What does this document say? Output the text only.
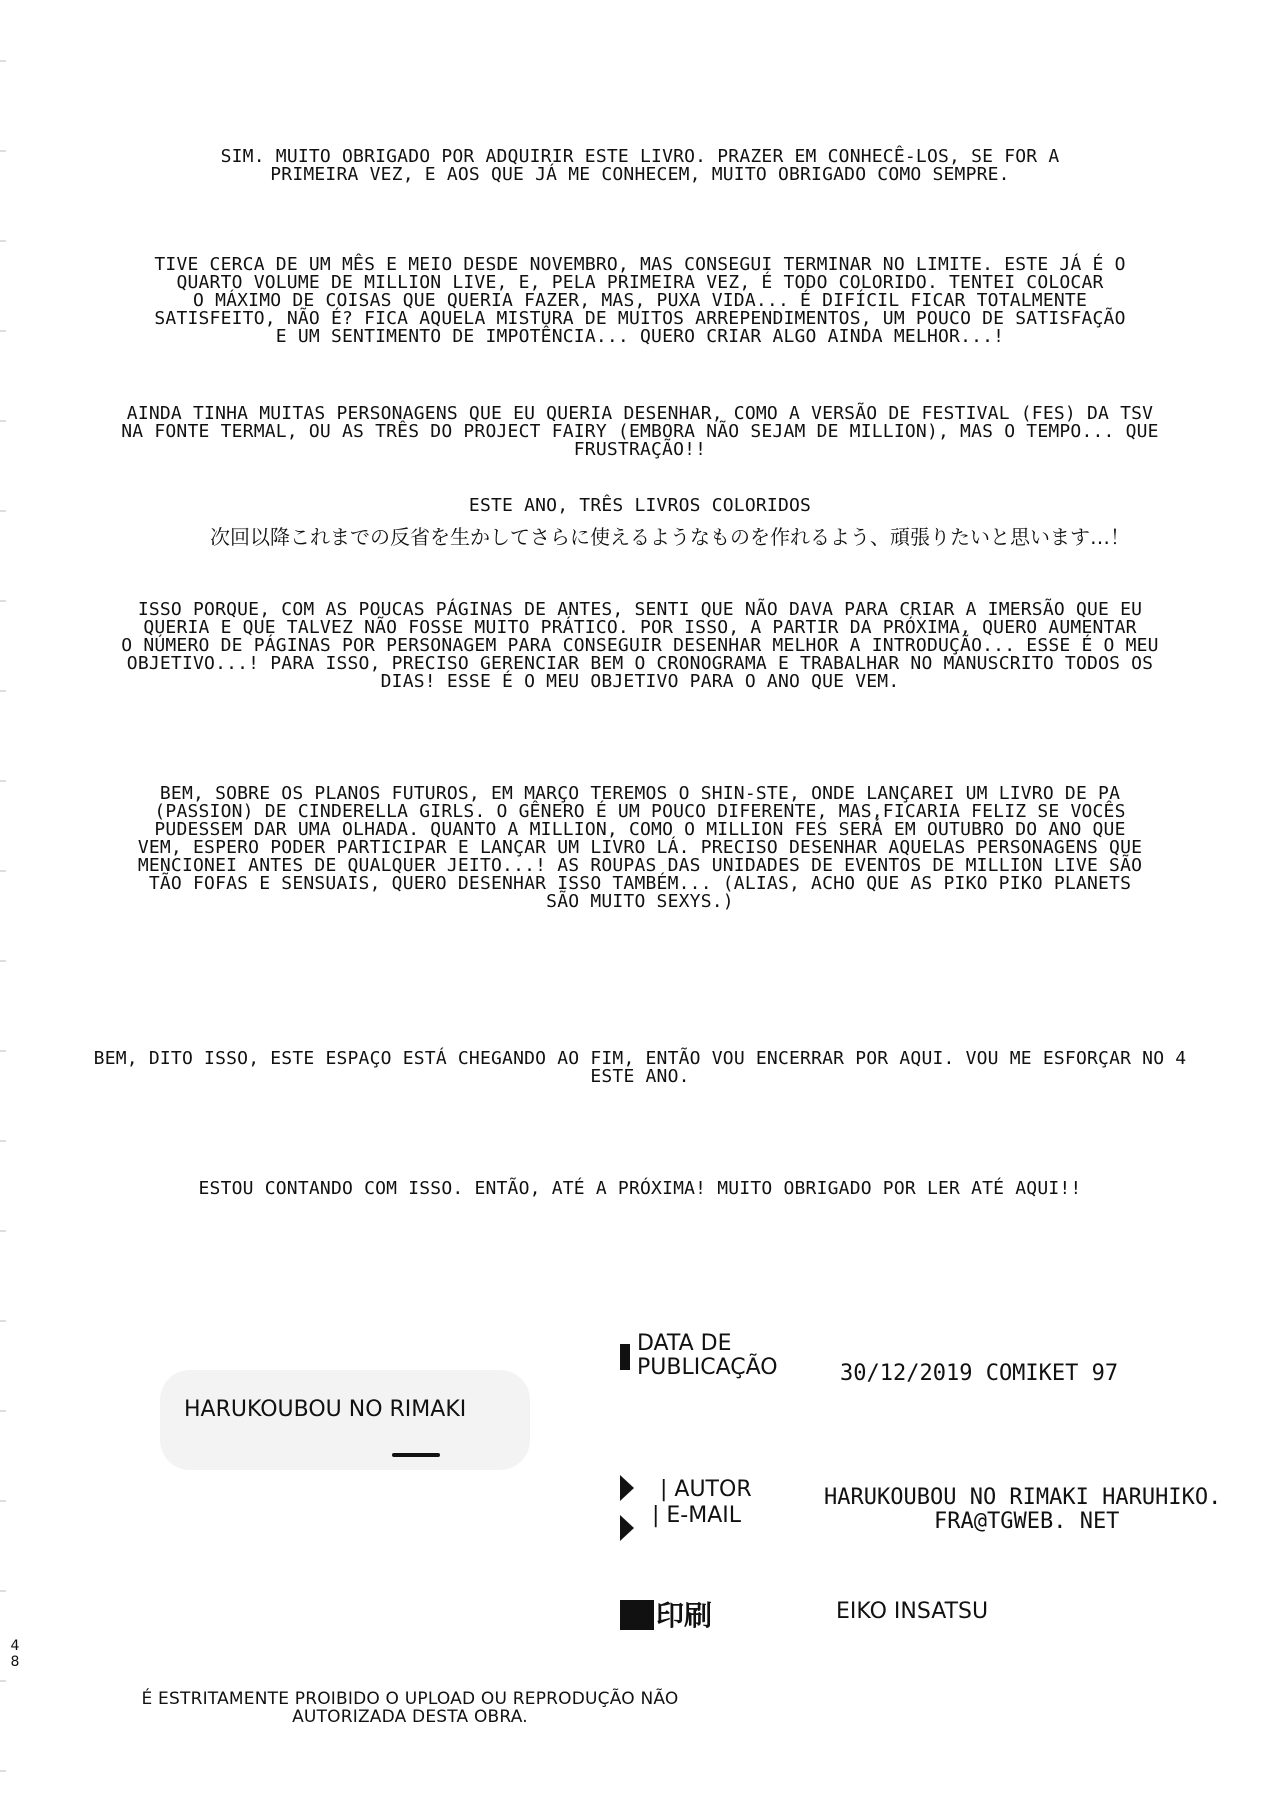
SIM. MUITO OBRIGADO POR ADQUIRIR ESTE LIVRO. PRAZER EM CONHECÊ-LOS, SE FOR A
PRIMEIRA VEZ, E AOS QUE JÁ ME CONHECEM, MUITO OBRIGADO COMO SEMPRE.
TIVE CERCA DE UM MÊS E MEIO DESDE NOVEMBRO, MAS CONSEGUI TERMINAR NO LIMITE. ESTE JÁ É O
QUARTO VOLUME DE MILLION LIVE, E, PELA PRIMEIRA VEZ, É TODO COLORIDO. TENTEI COLOCAR
O MÁXIMO DE COISAS QUE QUERIA FAZER, MAS, PUXA VIDA... É DIFÍCIL FICAR TOTALMENTE
SATISFEITO, NÃO É? FICA AQUELA MISTURA DE MUITOS ARREPENDIMENTOS, UM POUCO DE SATISFAÇÃO
E UM SENTIMENTO DE IMPOTÊNCIA... QUERO CRIAR ALGO AINDA MELHOR...!
AINDA TINHA MUITAS PERSONAGENS QUE EU QUERIA DESENHAR, COMO A VERSÃO DE FESTIVAL (FES) DA TSV
NA FONTE TERMAL, OU AS TRÊS DO PROJECT FAIRY (EMBORA NÃO SEJAM DE MILLION), MAS O TEMPO... QUE
FRUSTRAÇÃO!!
ESTE ANO, TRÊS LIVROS COLORIDOS
次回以降これまでの反省を生かしてさらに使えるようなものを作れるよう、頑張りたいと思います…！
ISSO PORQUE, COM AS POUCAS PÁGINAS DE ANTES, SENTI QUE NÃO DAVA PARA CRIAR A IMERSÃO QUE EU
QUERIA E QUE TALVEZ NÃO FOSSE MUITO PRÁTICO. POR ISSO, A PARTIR DA PRÓXIMA, QUERO AUMENTAR
O NÚMERO DE PÁGINAS POR PERSONAGEM PARA CONSEGUIR DESENHAR MELHOR A INTRODUÇÃO... ESSE É O MEU
OBJETIVO...! PARA ISSO, PRECISO GERENCIAR BEM O CRONOGRAMA E TRABALHAR NO MANUSCRITO TODOS OS
DIAS! ESSE É O MEU OBJETIVO PARA O ANO QUE VEM.
BEM, SOBRE OS PLANOS FUTUROS, EM MARÇO TEREMOS O SHIN-STE, ONDE LANÇAREI UM LIVRO DE PA
(PASSION) DE CINDERELLA GIRLS. O GÊNERO É UM POUCO DIFERENTE, MAS,FICARIA FELIZ SE VOCÊS
PUDESSEM DAR UMA OLHADA. QUANTO A MILLION, COMO O MILLION FES SERÁ EM OUTUBRO DO ANO QUE
VEM, ESPERO PODER PARTICIPAR E LANÇAR UM LIVRO LÁ. PRECISO DESENHAR AQUELAS PERSONAGENS QUE
MENCIONEI ANTES DE QUALQUER JEITO...! AS ROUPAS DAS UNIDADES DE EVENTOS DE MILLION LIVE SÃO
TÃO FOFAS E SENSUAIS, QUERO DESENHAR ISSO TAMBÉM... (ALIAS, ACHO QUE AS PIKO PIKO PLANETS
SÃO MUITO SEXYS.)
BEM, DITO ISSO, ESTE ESPAÇO ESTÁ CHEGANDO AO FIM, ENTÃO VOU ENCERRAR POR AQUI. VOU ME ESFORÇAR NO 4
ESTE ANO.
ESTOU CONTANDO COM ISSO. ENTÃO, ATÉ A PRÓXIMA! MUITO OBRIGADO POR LER ATÉ AQUI!!
HARUKOUBOU NO RIMAKI
DATA DE
PUBLICAÇÃO	30/12/2019 COMIKET 97
| AUTOR
| E-MAIL
HARUKOUBOU NO RIMAKI HARUHIKO.
FRA@TGWEB. NET
印刷	EIKO INSATSU
4
8
É ESTRITAMENTE PROIBIDO O UPLOAD OU REPRODUÇÃO NÃO
AUTORIZADA DESTA OBRA.
